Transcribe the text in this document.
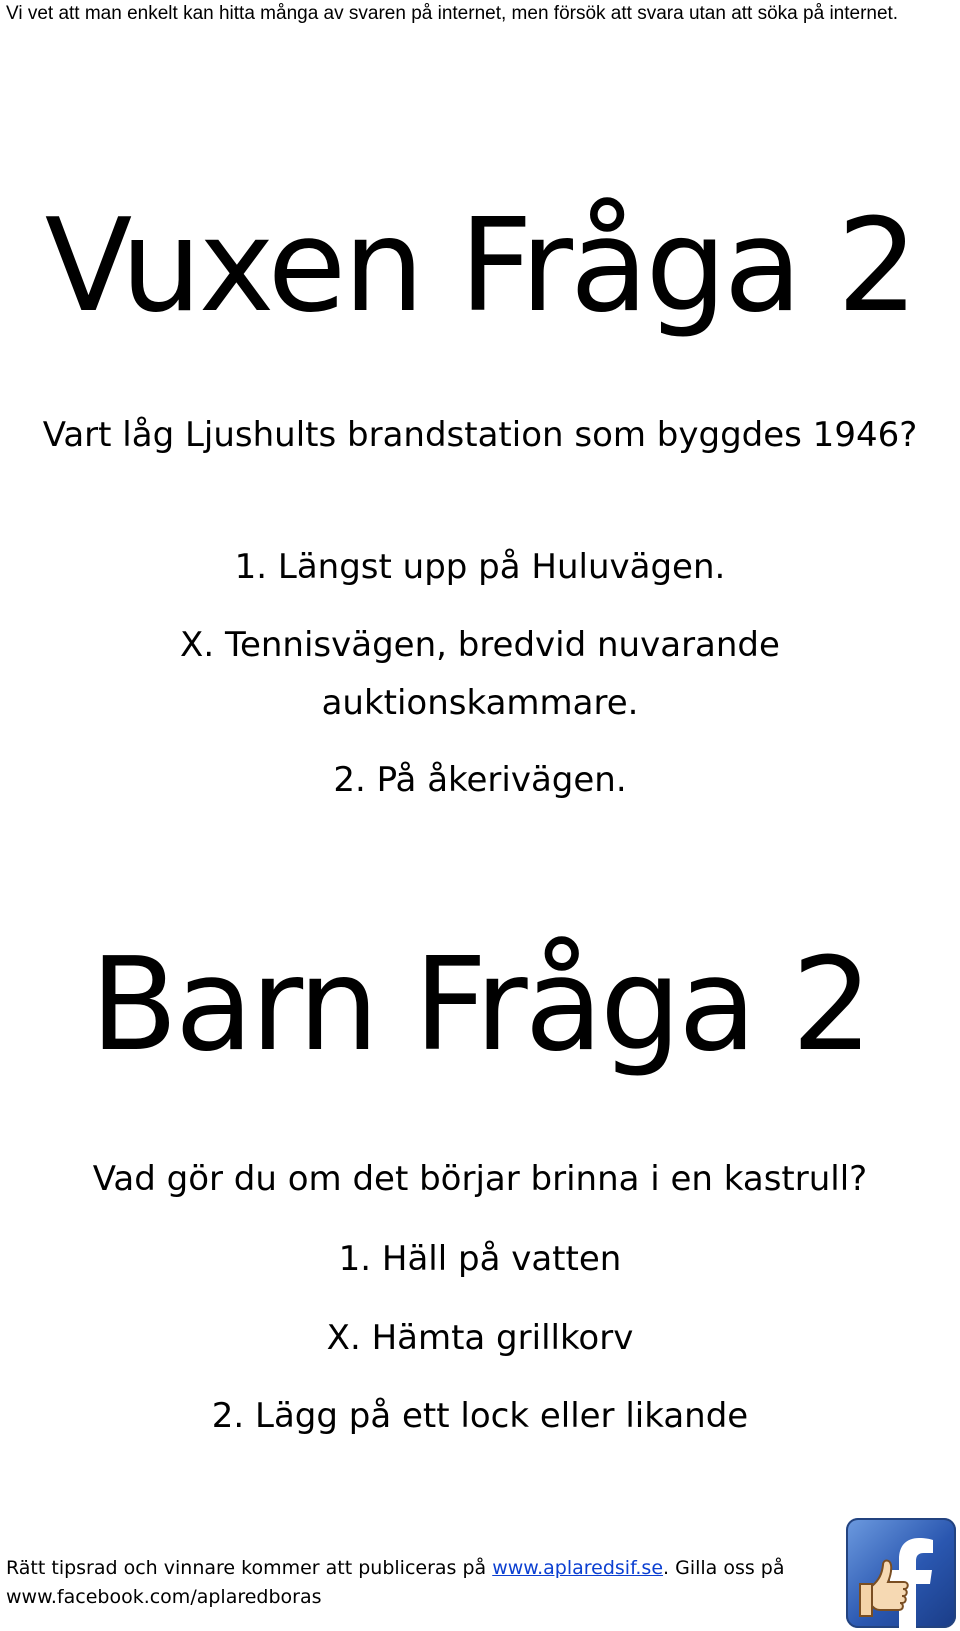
Vi vet att man enkelt kan hitta många av svaren på internet, men försök att svara utan att söka på internet.
Vuxen Fråga 2
Vart låg Ljushults brandstation som byggdes 1946?
1. Längst upp på Huluvägen.
X. Tennisvägen, bredvid nuvarande
auktionskammare.
2. På åkerivägen.
Barn Fråga 2
Vad gör du om det börjar brinna i en kastrull?
1. Häll på vatten
X. Hämta grillkorv
2. Lägg på ett lock eller likande
Rätt tipsrad och vinnare kommer att publiceras på www.aplaredsif.se. Gilla oss på
www.facebook.com/aplaredboras
